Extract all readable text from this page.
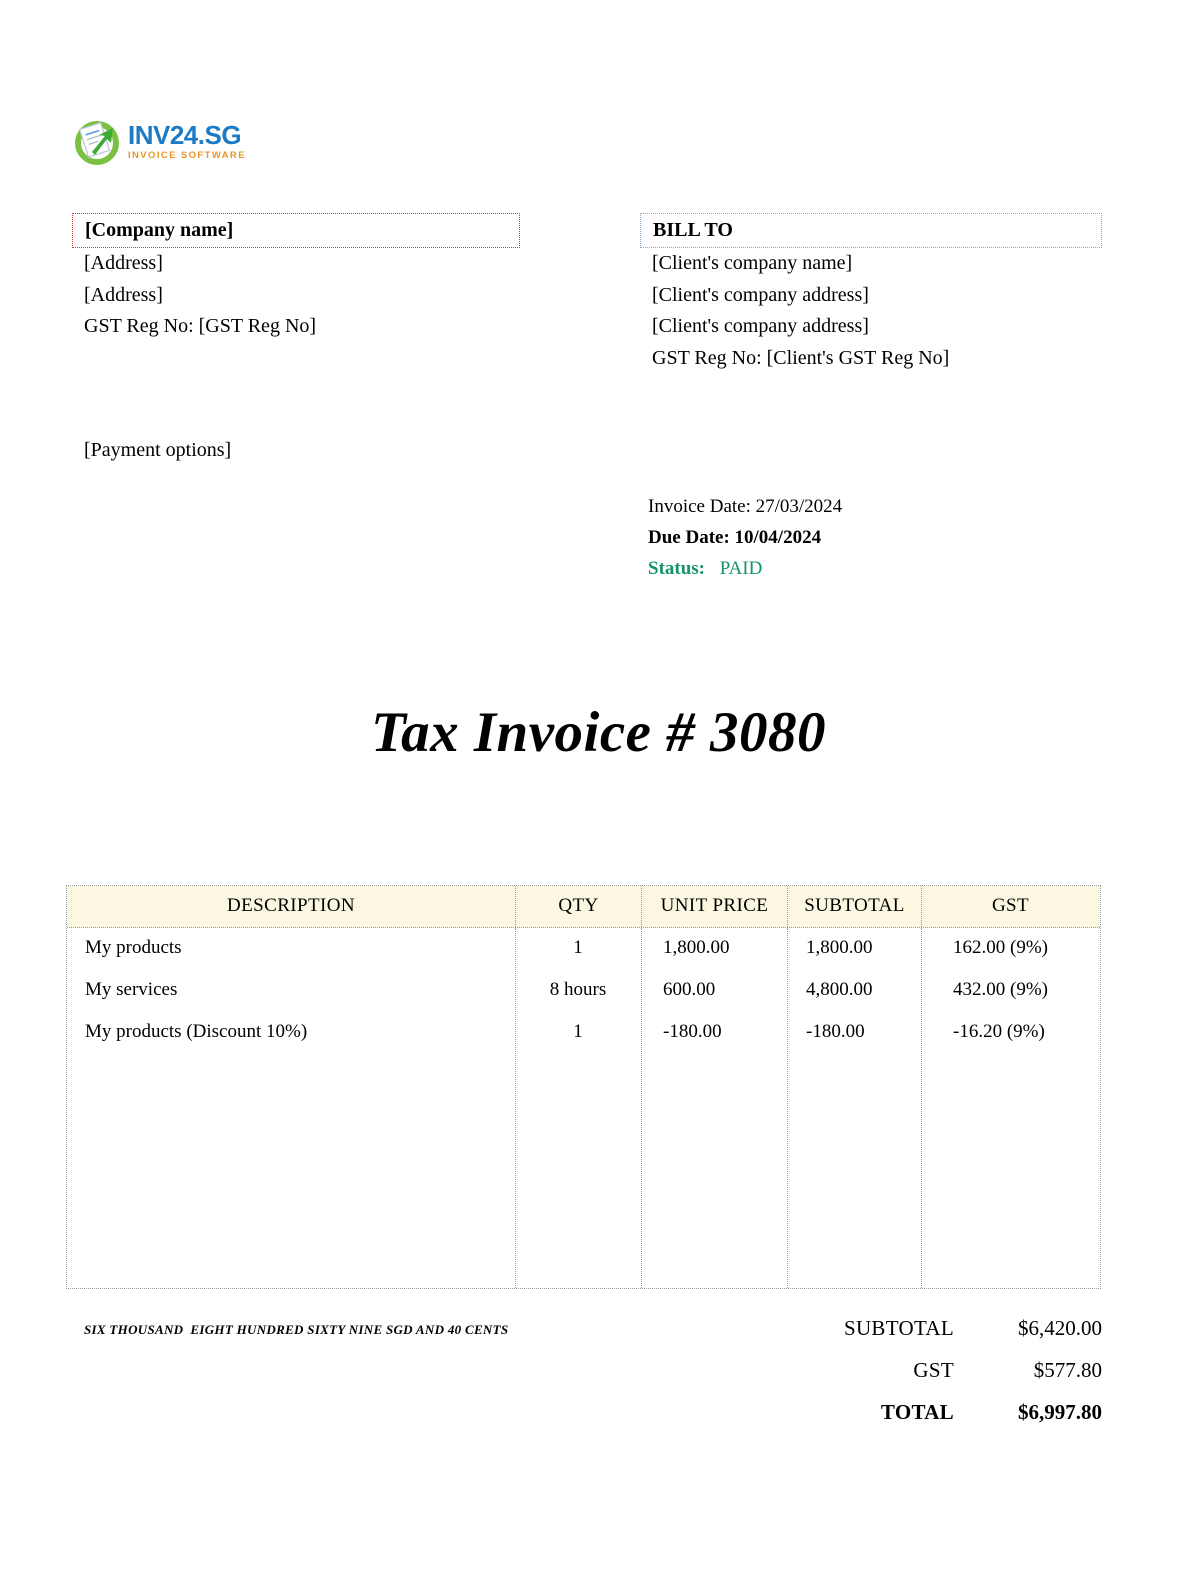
INV24.SG
INVOICE SOFTWARE
[Company name]
[Address]
[Address]
GST Reg No: [GST Reg No]
BILL TO
[Client's company name]
[Client's company address]
[Client's company address]
GST Reg No: [Client's GST Reg No]
[Payment options]
Invoice Date: 27/03/2024
Due Date: 10/04/2024
Status: PAID
Tax Invoice # 3080
DESCRIPTION	QTY	UNIT PRICE	SUBTOTAL	GST
My products	1	1,800.00	1,800.00	162.00 (9%)
My services	8 hours	600.00	4,800.00	432.00 (9%)
My products (Discount 10%)	1	-180.00	-180.00	-16.20 (9%)
SIX THOUSAND  EIGHT HUNDRED SIXTY NINE SGD AND 40 CENTS	SUBTOTAL	$6,420.00
GST	$577.80
TOTAL	$6,997.80
